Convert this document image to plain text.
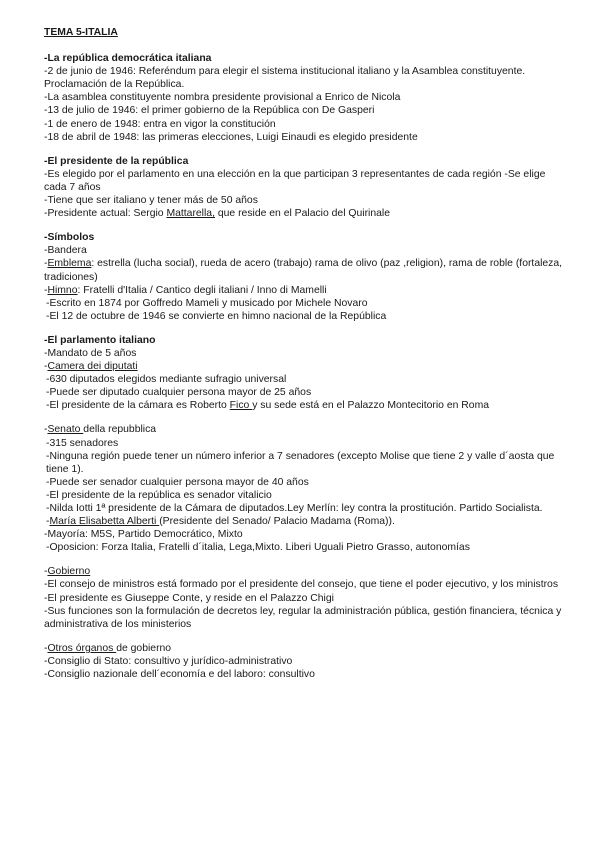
TEMA 5-ITALIA
-La república democrática italiana
-2 de junio de 1946: Referéndum para elegir el sistema institucional italiano y la Asamblea constituyente. Proclamación de la República.
-La asamblea constituyente nombra presidente provisional a Enrico de Nicola
-13 de julio de 1946: el primer gobierno de la República con De Gasperi
-1 de enero de 1948: entra en vigor la constitución
-18 de abril de 1948: las primeras elecciones, Luigi Einaudi es elegido presidente
-El presidente de la república
-Es elegido por el parlamento en una elección en la que participan 3 representantes de cada región -Se elige cada 7 años
-Tiene que ser italiano y tener más de 50 años
-Presidente actual: Sergio Mattarella, que reside en el Palacio del Quirinale
-Símbolos
-Bandera
-Emblema: estrella (lucha social), rueda de acero (trabajo) rama de olivo (paz ,religion), rama de roble (fortaleza, tradiciones)
-Himno: Fratelli d'Italia / Cantico degli italiani / Inno di Mamelli
-Escrito en 1874 por Goffredo Mameli y musicado por Michele Novaro
-El 12 de octubre de 1946 se convierte en himno nacional de la República
-El parlamento italiano
-Mandato de 5 años
-Camera dei diputati
-630 diputados elegidos mediante sufragio universal
-Puede ser diputado cualquier persona mayor de 25 años
-El presidente de la cámara es Roberto Fico y su sede está en el Palazzo Montecitorio en Roma
-Senato della repubblica
-315 senadores
-Ninguna región puede tener un número inferior a 7 senadores (excepto Molise que tiene 2 y valle d´aosta que tiene 1).
-Puede ser senador cualquier persona mayor de 40 años
-El presidente de la república es senador vitalicio
-Nilda Iotti 1ª presidente de la Cámara de diputados.Ley Merlín: ley contra la prostitución. Partido Socialista.
-María Elisabetta Alberti (Presidente del Senado/ Palacio Madama (Roma)).
-Mayoría: M5S, Partido Democrático, Mixto
-Oposicion: Forza Italia, Fratelli d´italia, Lega,Mixto. Liberi Uguali Pietro Grasso, autonomías
-Gobierno
-El consejo de ministros está formado por el presidente del consejo, que tiene el poder ejecutivo, y los ministros
-El presidente es Giuseppe Conte, y reside en el Palazzo Chigi
-Sus funciones son la formulación de decretos ley, regular la administración pública, gestión financiera, técnica y administrativa de los ministerios
-Otros órganos de gobierno
-Consiglio di Stato: consultivo y jurídico-administrativo
-Consiglio nazionale dell´economía e del laboro: consultivo
